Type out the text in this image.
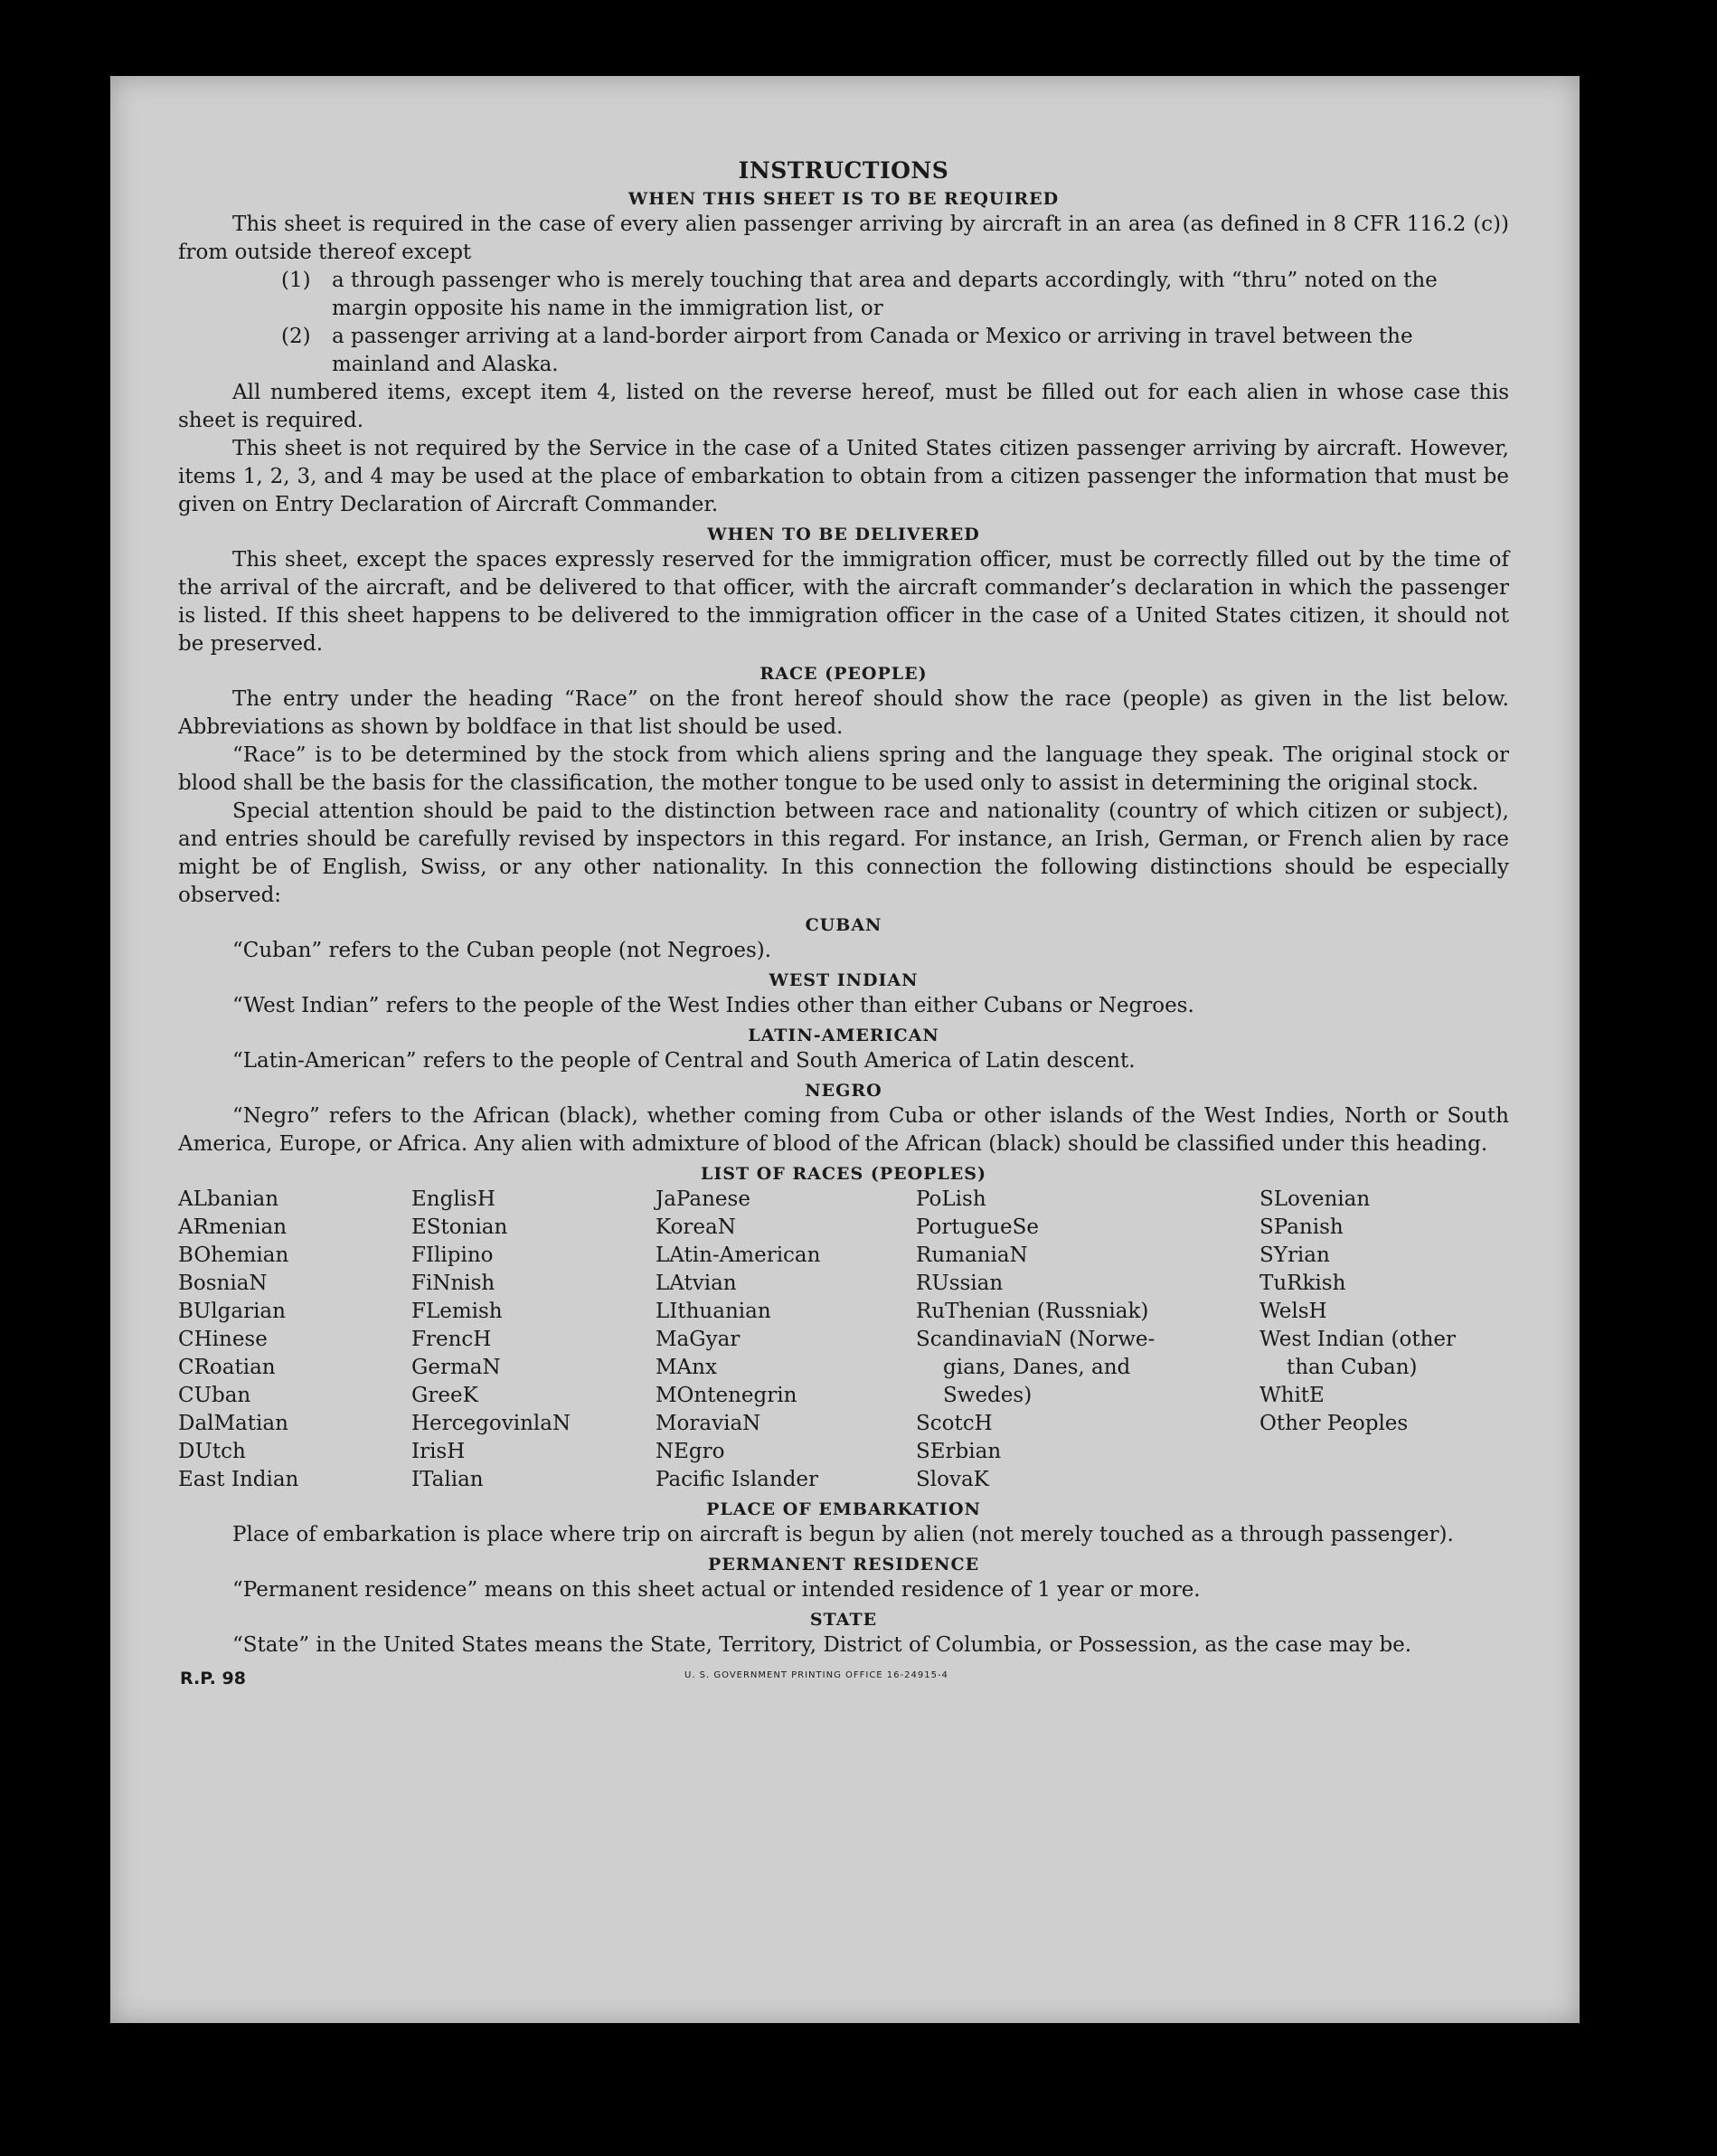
INSTRUCTIONS
WHEN THIS SHEET IS TO BE REQUIRED

This sheet is required in the case of every alien passenger arriving by aircraft in an area (as defined in 8 CFR 116.2 (c)) from outside thereof except

(1) a through passenger who is merely touching that area and departs accordingly, with “thru” noted on the margin opposite his name in the immigration list, or

(2) a passenger arriving at a land-border airport from Canada or Mexico or arriving in travel between the mainland and Alaska.

All numbered items, except item 4, listed on the reverse hereof, must be filled out for each alien in whose case this sheet is required.

This sheet is not required by the Service in the case of a United States citizen passenger arriving by aircraft. However, items 1, 2, 3, and 4 may be used at the place of embarkation to obtain from a citizen passenger the information that must be given on Entry Declaration of Aircraft Commander.

WHEN TO BE DELIVERED

This sheet, except the spaces expressly reserved for the immigration officer, must be correctly filled out by the time of the arrival of the aircraft, and be delivered to that officer, with the aircraft commander’s declaration in which the passenger is listed. If this sheet happens to be delivered to the immigration officer in the case of a United States citizen, it should not be preserved.

RACE (PEOPLE)

The entry under the heading “Race” on the front hereof should show the race (people) as given in the list below. Abbreviations as shown by boldface in that list should be used.

“Race” is to be determined by the stock from which aliens spring and the language they speak. The original stock or blood shall be the basis for the classification, the mother tongue to be used only to assist in determining the original stock.

Special attention should be paid to the distinction between race and nationality (country of which citizen or subject), and entries should be carefully revised by inspectors in this regard. For instance, an Irish, German, or French alien by race might be of English, Swiss, or any other nationality. In this connection the following distinctions should be especially observed:

CUBAN

“Cuban” refers to the Cuban people (not Negroes).

WEST INDIAN

“West Indian” refers to the people of the West Indies other than either Cubans or Negroes.

LATIN-AMERICAN

“Latin-American” refers to the people of Central and South America of Latin descent.

NEGRO

“Negro” refers to the African (black), whether coming from Cuba or other islands of the West Indies, North or South America, Europe, or Africa. Any alien with admixture of blood of the African (black) should be classified under this heading.

LIST OF RACES (PEOPLES)
ALbanian
ARmenian
BOhemian
BosniaN
BUlgarian
CHinese
CRoatian
CUban
DalMatian
DUtch
East Indian
EnglisH
EStonian
FIlipino
FiNnish
FLemish
FrencH
GermaN
GreeK
HercegovinlaN
IrisH
ITalian
JaPanese
KoreaN
LAtin-American
LAtvian
LIthuanian
MaGyar
MAnx
MOntenegrin
MoraviaN
NEgro
Pacific Islander
PoLish
PortugueSe
RumaniaN
RUssian
RuThenian (Russniak)
ScandinaviaN (Norwe-
gians, Danes, and
Swedes)
ScotcH
SErbian
SlovaK
SLovenian
SPanish
SYrian
TuRkish
WelsH
West Indian (other
than Cuban)
WhitE
Other Peoples
PLACE OF EMBARKATION

Place of embarkation is place where trip on aircraft is begun by alien (not merely touched as a through passenger).

PERMANENT RESIDENCE

“Permanent residence” means on this sheet actual or intended residence of 1 year or more.

STATE

“State” in the United States means the State, Territory, District of Columbia, or Possession, as the case may be.

R.P. 98	U. S. GOVERNMENT PRINTING OFFICE 16-24915-4
